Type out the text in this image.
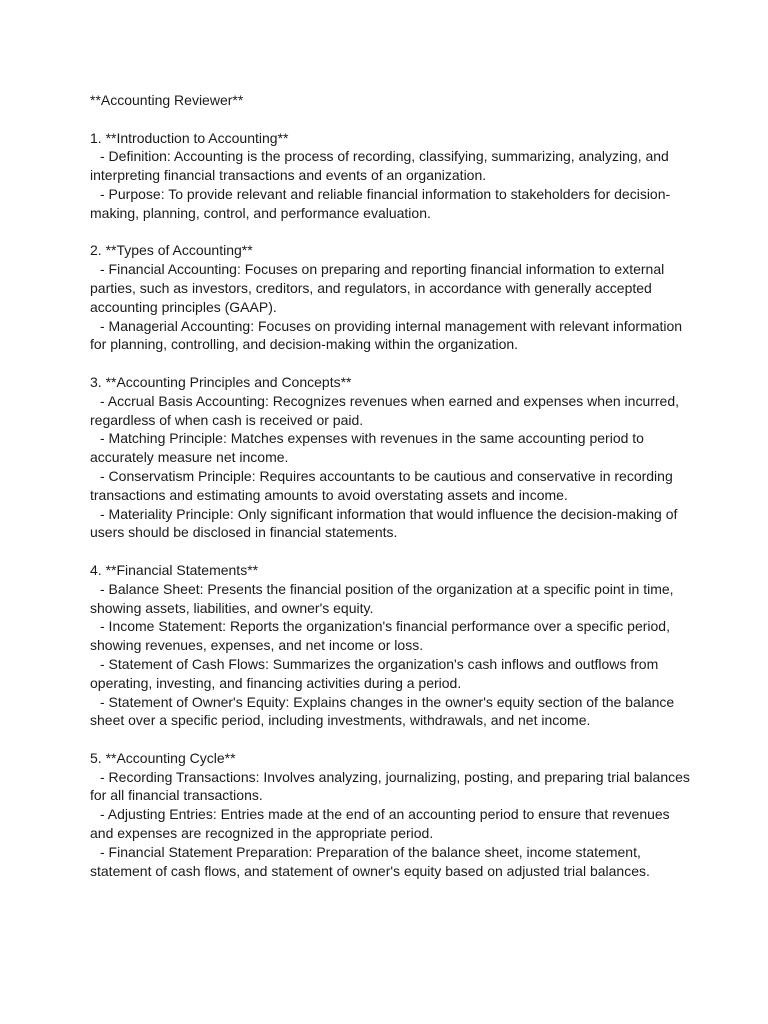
**Accounting Reviewer**
1. **Introduction to Accounting**
- Definition: Accounting is the process of recording, classifying, summarizing, analyzing, and interpreting financial transactions and events of an organization.
- Purpose: To provide relevant and reliable financial information to stakeholders for decision-making, planning, control, and performance evaluation.
2. **Types of Accounting**
- Financial Accounting: Focuses on preparing and reporting financial information to external parties, such as investors, creditors, and regulators, in accordance with generally accepted accounting principles (GAAP).
- Managerial Accounting: Focuses on providing internal management with relevant information for planning, controlling, and decision-making within the organization.
3. **Accounting Principles and Concepts**
- Accrual Basis Accounting: Recognizes revenues when earned and expenses when incurred, regardless of when cash is received or paid.
- Matching Principle: Matches expenses with revenues in the same accounting period to accurately measure net income.
- Conservatism Principle: Requires accountants to be cautious and conservative in recording transactions and estimating amounts to avoid overstating assets and income.
- Materiality Principle: Only significant information that would influence the decision-making of users should be disclosed in financial statements.
4. **Financial Statements**
- Balance Sheet: Presents the financial position of the organization at a specific point in time, showing assets, liabilities, and owner's equity.
- Income Statement: Reports the organization's financial performance over a specific period, showing revenues, expenses, and net income or loss.
- Statement of Cash Flows: Summarizes the organization's cash inflows and outflows from operating, investing, and financing activities during a period.
- Statement of Owner's Equity: Explains changes in the owner's equity section of the balance sheet over a specific period, including investments, withdrawals, and net income.
5. **Accounting Cycle**
- Recording Transactions: Involves analyzing, journalizing, posting, and preparing trial balances for all financial transactions.
- Adjusting Entries: Entries made at the end of an accounting period to ensure that revenues and expenses are recognized in the appropriate period.
- Financial Statement Preparation: Preparation of the balance sheet, income statement, statement of cash flows, and statement of owner's equity based on adjusted trial balances.
